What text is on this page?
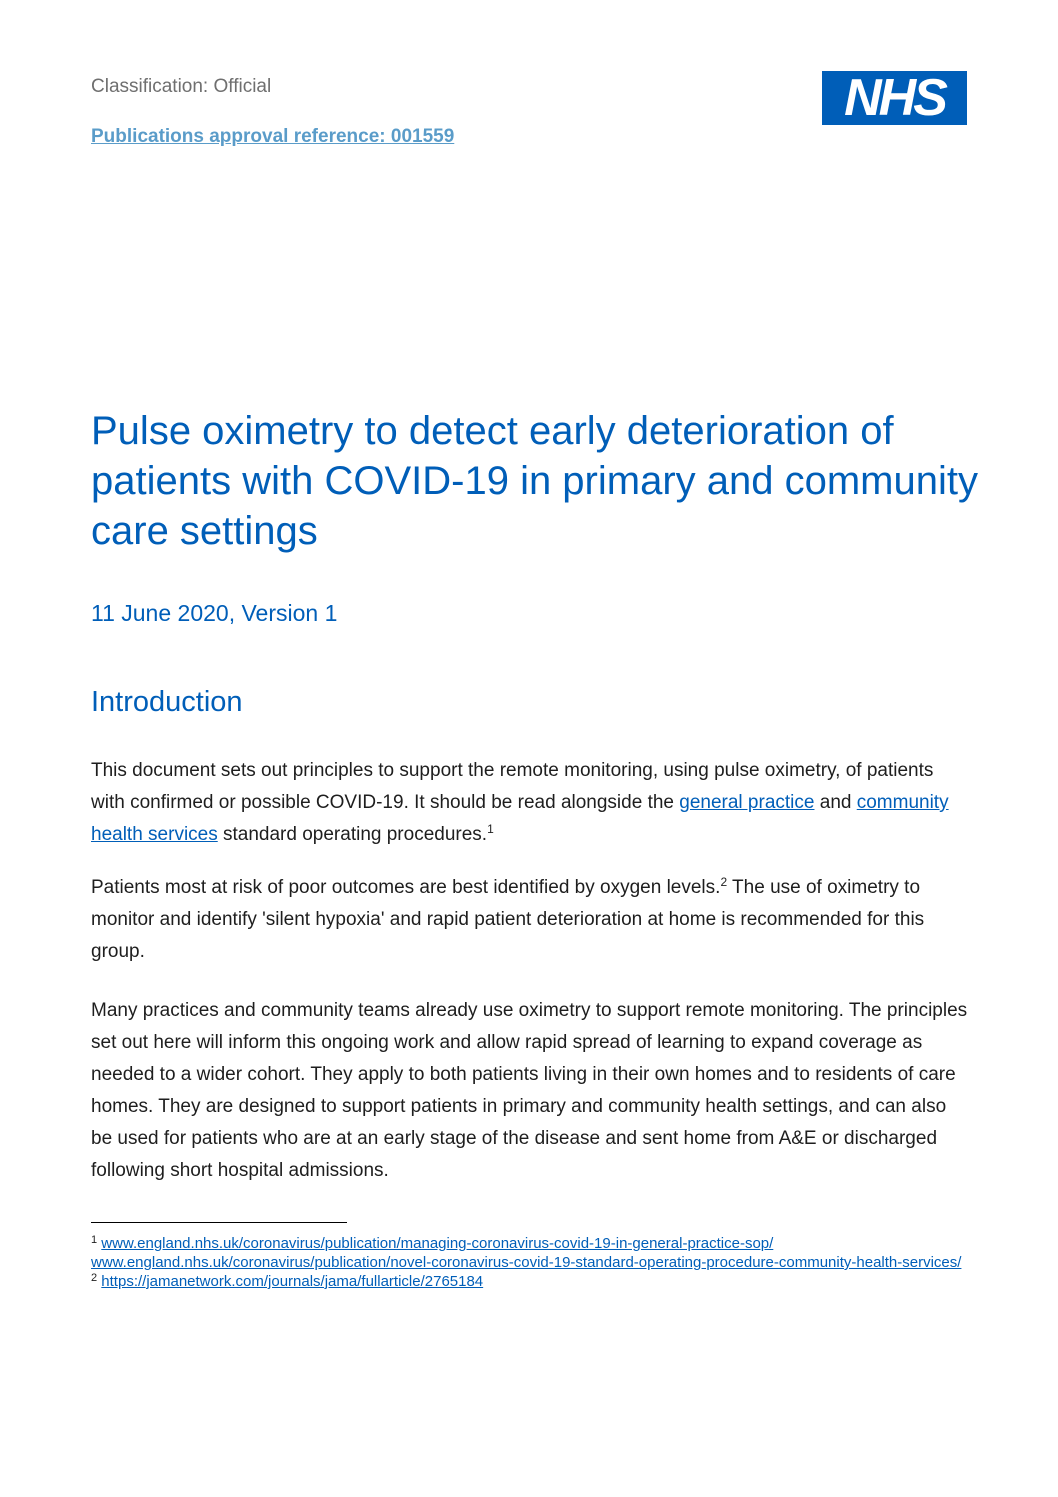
Classification: Official
Publications approval reference: 001559
NHS
Pulse oximetry to detect early deterioration of patients with COVID-19 in primary and community care settings
11 June 2020, Version 1
Introduction

This document sets out principles to support the remote monitoring, using pulse oximetry, of patients with confirmed or possible COVID-19. It should be read alongside the general practice and community health services standard operating procedures.$^1$

Patients most at risk of poor outcomes are best identified by oxygen levels.$^2$ The use of oximetry to monitor and identify 'silent hypoxia' and rapid patient deterioration at home is recommended for this group.

Many practices and community teams already use oximetry to support remote monitoring. The principles set out here will inform this ongoing work and allow rapid spread of learning to expand coverage as needed to a wider cohort. They apply to both patients living in their own homes and to residents of care homes. They are designed to support patients in primary and community health settings, and can also be used for patients who are at an early stage of the disease and sent home from A&E or discharged following short hospital admissions.

$^1$ www.england.nhs.uk/coronavirus/publication/managing-coronavirus-covid-19-in-general-practice-sop/
www.england.nhs.uk/coronavirus/publication/novel-coronavirus-covid-19-standard-operating-procedure-community-health-services/
$^2$ https://jamanetwork.com/journals/jama/fullarticle/2765184
